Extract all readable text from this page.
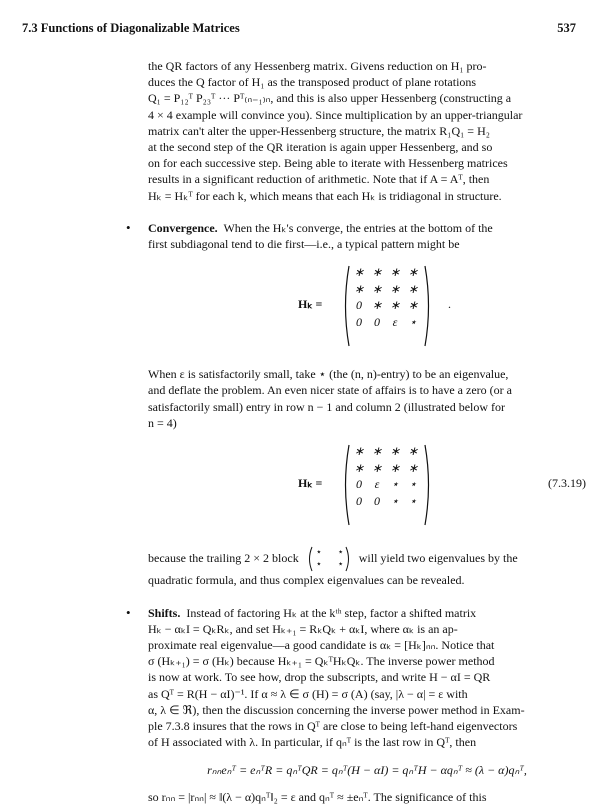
7.3 Functions of Diagonalizable Matrices	537

the QR factors of any Hessenberg matrix. Givens reduction on H₁ pro-

duces the Q factor of H₁ as the transposed product of plane rotations

Q₁ = P₁₂ᵀ P₂₃ᵀ ··· Pᵀ₍ₙ₋₁₎ₙ, and this is also upper Hessenberg (constructing a

4 × 4 example will convince you). Since multiplication by an upper-triangular

matrix can't alter the upper-Hessenberg structure, the matrix R₁Q₁ = H₂

at the second step of the QR iteration is again upper Hessenberg, and so

on for each successive step. Being able to iterate with Hessenberg matrices

results in a significant reduction of arithmetic. Note that if A = Aᵀ, then

Hₖ = Hₖᵀ for each k, which means that each Hₖ is tridiagonal in structure.

• Convergence. When the Hₖ's converge, the entries at the bottom of the

first subdiagonal tend to die first—i.e., a typical pattern might be

Hₖ =
∗ ∗ ∗ ∗
∗ ∗ ∗ ∗
0 ∗ ∗ ∗
0	0	ε ⋆
.

When ε is satisfactorily small, take ⋆ (the (n, n)-entry) to be an eigenvalue,

and deflate the problem. An even nicer state of affairs is to have a zero (or a

satisfactorily small) entry in row n − 1 and column 2 (illustrated below for

n = 4)

Hₖ =
∗ ∗ ∗ ∗
∗ ∗ ∗ ∗
0	ε ⋆ ⋆
0	0 ⋆ ⋆
(7.3.19)

because the trailing 2 × 2 block ⋆ ⋆
⋆ ⋆ will yield two eigenvalues by the

quadratic formula, and thus complex eigenvalues can be revealed.

• Shifts. Instead of factoring Hₖ at the kᵗʰ step, factor a shifted matrix

Hₖ − αₖI = QₖRₖ, and set Hₖ₊₁ = RₖQₖ + αₖI, where αₖ is an ap-

proximate real eigenvalue—a good candidate is αₖ = [Hₖ]ₙₙ. Notice that

σ (Hₖ₊₁) = σ (Hₖ) because Hₖ₊₁ = QₖᵀHₖQₖ. The inverse power method

is now at work. To see how, drop the subscripts, and write H − αI = QR

as Qᵀ = R(H − αI)⁻¹. If α ≈ λ ∈ σ (H) = σ (A) (say, |λ − α| = ε with

α, λ ∈ ℜ), then the discussion concerning the inverse power method in Exam-

ple 7.3.8 insures that the rows in Qᵀ are close to being left-hand eigenvectors

of H associated with λ. In particular, if qₙᵀ is the last row in Qᵀ, then

rₙₙeₙᵀ = eₙᵀR = qₙᵀQR = qₙᵀ(H − αI) = qₙᵀH − αqₙᵀ ≈ (λ − α)qₙᵀ,

so rₙₙ = |rₙₙ| ≈ ‖(λ − α)qₙᵀ‖₂ = ε and qₙᵀ ≈ ±eₙᵀ. The significance of this
